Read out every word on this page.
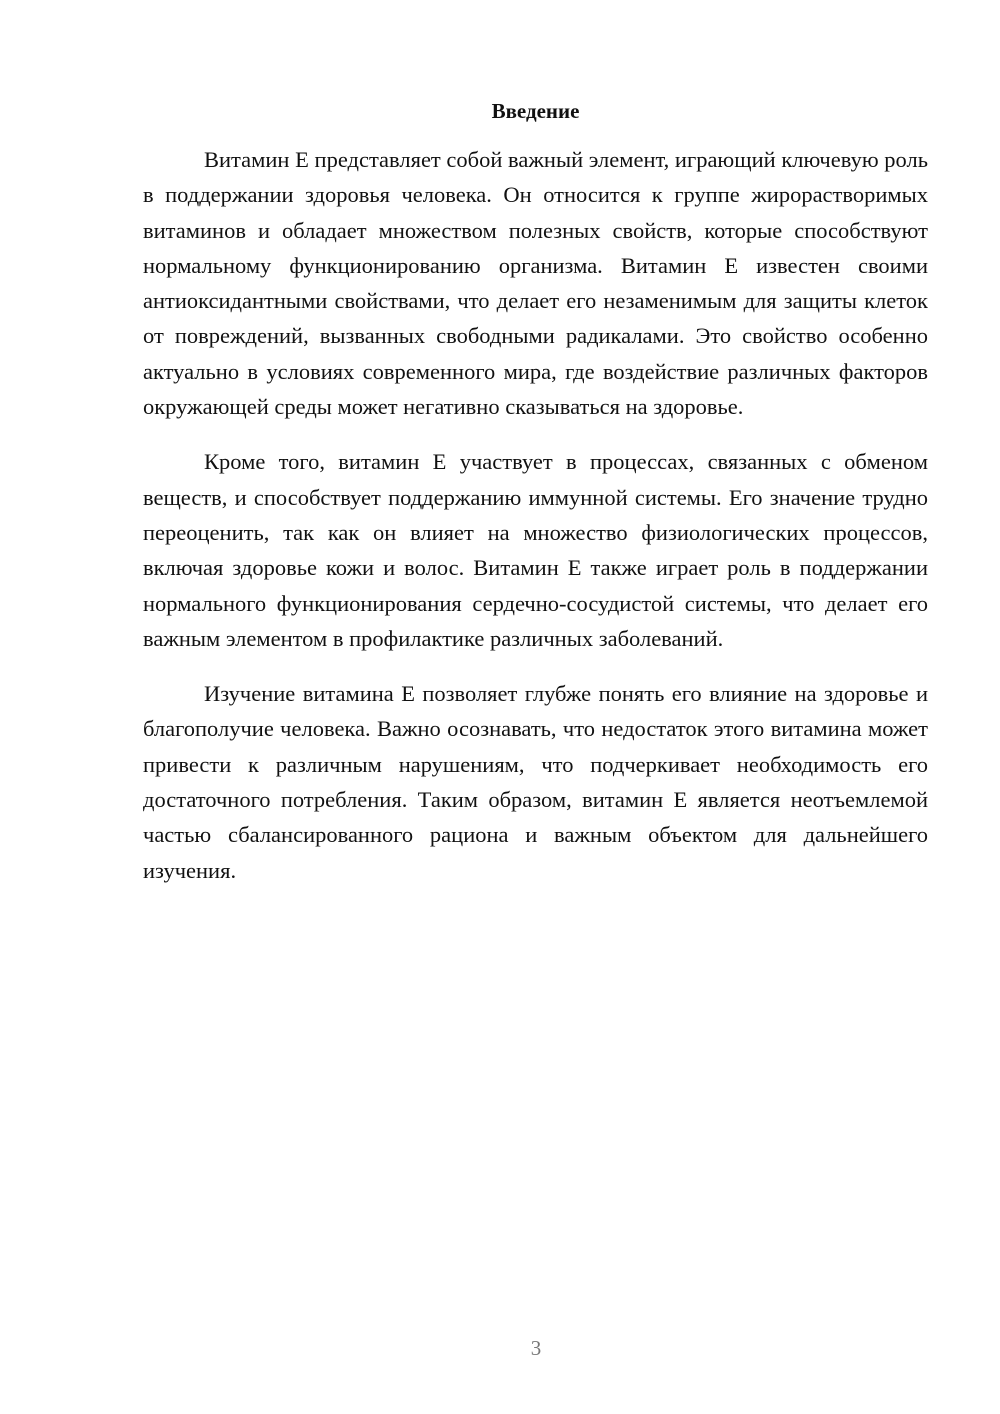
Введение

Витамин Е представляет собой важный элемент, играющий ключевую роль в поддержании здоровья человека. Он относится к группе жирорастворимых витаминов и обладает множеством полезных свойств, которые способствуют нормальному функционированию организма. Витамин Е известен своими антиоксидантными свойствами, что делает его незаменимым для защиты клеток от повреждений, вызванных свободными радикалами. Это свойство особенно актуально в условиях современного мира, где воздействие различных факторов окружающей среды может негативно сказываться на здоровье.

Кроме того, витамин Е участвует в процессах, связанных с обменом веществ, и способствует поддержанию иммунной системы. Его значение трудно переоценить, так как он влияет на множество физиологических процессов, включая здоровье кожи и волос. Витамин Е также играет роль в поддержании нормального функционирования сердечно-сосудистой системы, что делает его важным элементом в профилактике различных заболеваний.

Изучение витамина Е позволяет глубже понять его влияние на здоровье и благополучие человека. Важно осознавать, что недостаток этого витамина может привести к различным нарушениям, что подчеркивает необходимость его достаточного потребления. Таким образом, витамин Е является неотъемлемой частью сбалансированного рациона и важным объектом для дальнейшего изучения.

3
